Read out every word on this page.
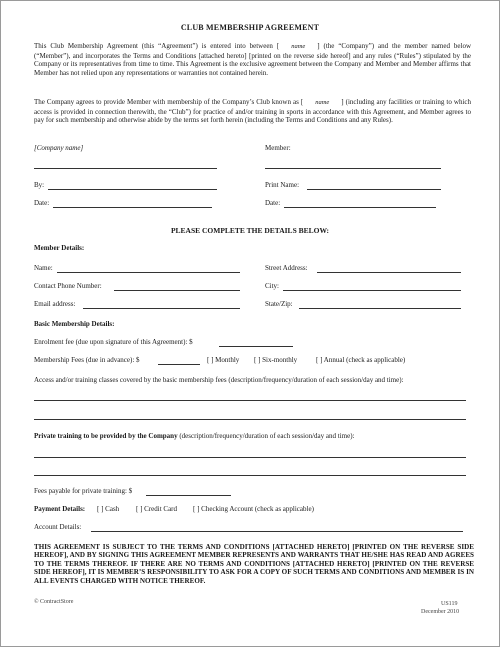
CLUB MEMBERSHIP AGREEMENT
This Club Membership Agreement (this “Agreement”) is entered into between [ name ] (the “Company”) and the member named below (“Member”), and incorporates the Terms and Conditions [attached hereto] [printed on the reverse side hereof] and any rules (“Rules”) stipulated by the Company or its representatives from time to time. This Agreement is the exclusive agreement between the Company and Member and Member affirms that Member has not relied upon any representations or warranties not contained herein.
The Company agrees to provide Member with membership of the Company’s Club known as [ name ] (including any facilities or training to which access is provided in connection therewith, the “Club”) for practice of and/or training in sports in accordance with this Agreement, and Member agrees to pay for such membership and otherwise abide by the terms set forth herein (including the Terms and Conditions and any Rules).
[Company name]	Member:
By:	Print Name:
Date:	Date:
PLEASE COMPLETE THE DETAILS BELOW:
Member Details:
Name:	Street Address:
Contact Phone Number:	City:
Email address:	State/Zip:
Basic Membership Details:
Enrolment fee (due upon signature of this Agreement): $
Membership Fees (due in advance): $	[ ] Monthly [ ] Six-monthly	[ ] Annual (check as applicable)
Access and/or training classes covered by the basic membership fees (description/frequency/duration of each session/day and time):
Private training to be provided by the Company (description/frequency/duration of each session/day and time):
Fees payable for private training: $
Payment Details: [ ] Cash [ ] Credit Card [ ] Checking Account (check as applicable)
Account Details:
THIS AGREEMENT IS SUBJECT TO THE TERMS AND CONDITIONS [ATTACHED HERETO] [PRINTED ON THE REVERSE SIDE HEREOF], AND BY SIGNING THIS AGREEMENT MEMBER REPRESENTS AND WARRANTS THAT HE/SHE HAS READ AND AGREES TO THE TERMS THEREOF. IF THERE ARE NO TERMS AND CONDITIONS [ATTACHED HERETO] [PRINTED ON THE REVERSE SIDE HEREOF], IT IS MEMBER’S RESPONSIBILITY TO ASK FOR A COPY OF SUCH TERMS AND CONDITIONS AND MEMBER IS IN ALL EVENTS CHARGED WITH NOTICE THEREOF.
© ContractStore	US119
December 2010
